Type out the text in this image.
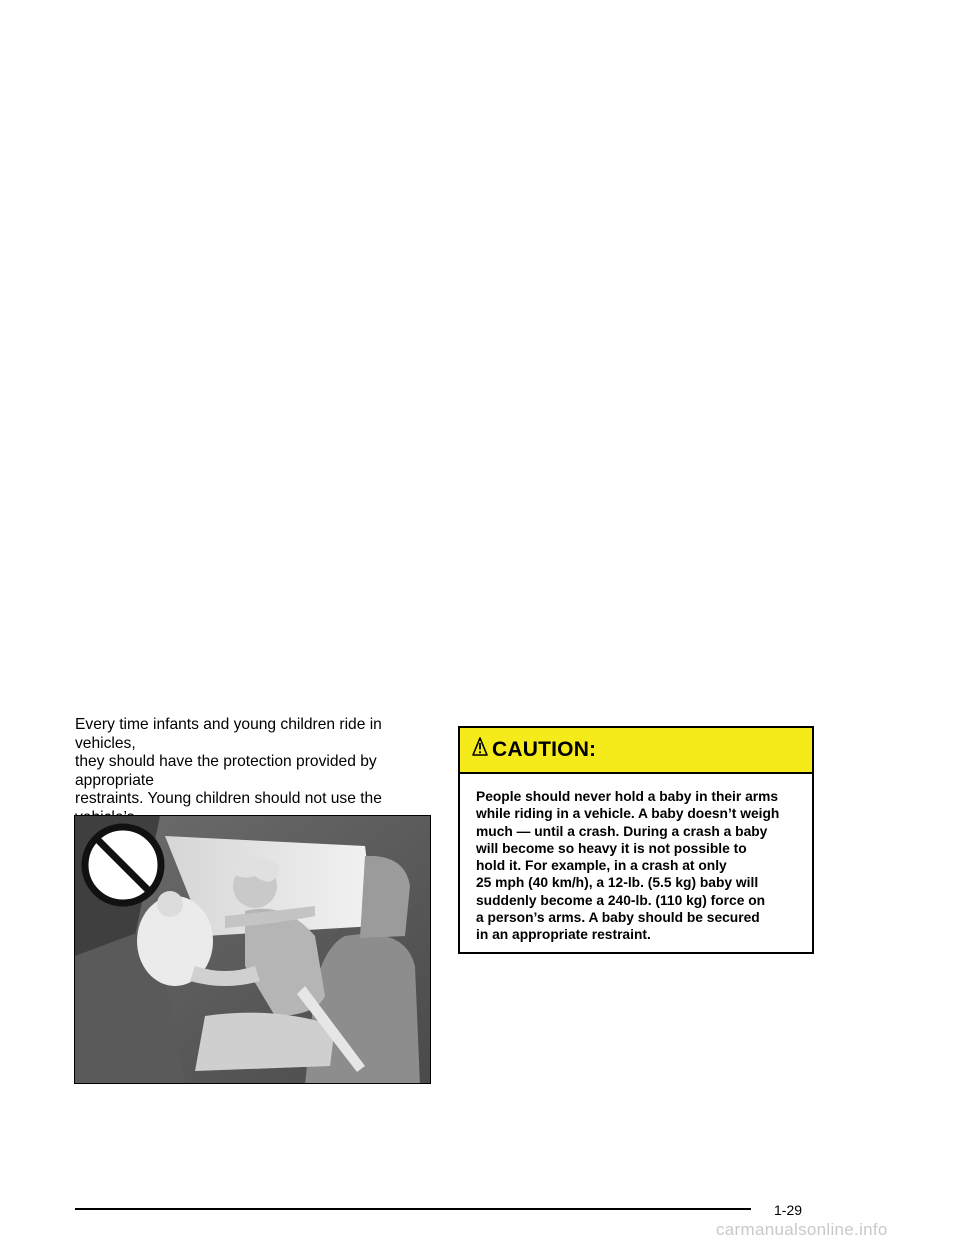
Every time infants and young children ride in vehicles,
they should have the protection provided by appropriate
restraints. Young children should not use the

CAUTION:
People should never hold a baby in their arms
while riding in a vehicle. A baby doesn’t weigh
much — until a crash. During a crash a baby
will become so heavy it is not possible to
hold it. For example, in a crash at only
25 mph (40 km/h), a 12-lb. (5.5 kg) baby will
suddenly become a 240-lb. (110 kg) force on
a person’s arms. A baby should be secured
in an appropriate restraint.
1-29
carmanualsonline.info
